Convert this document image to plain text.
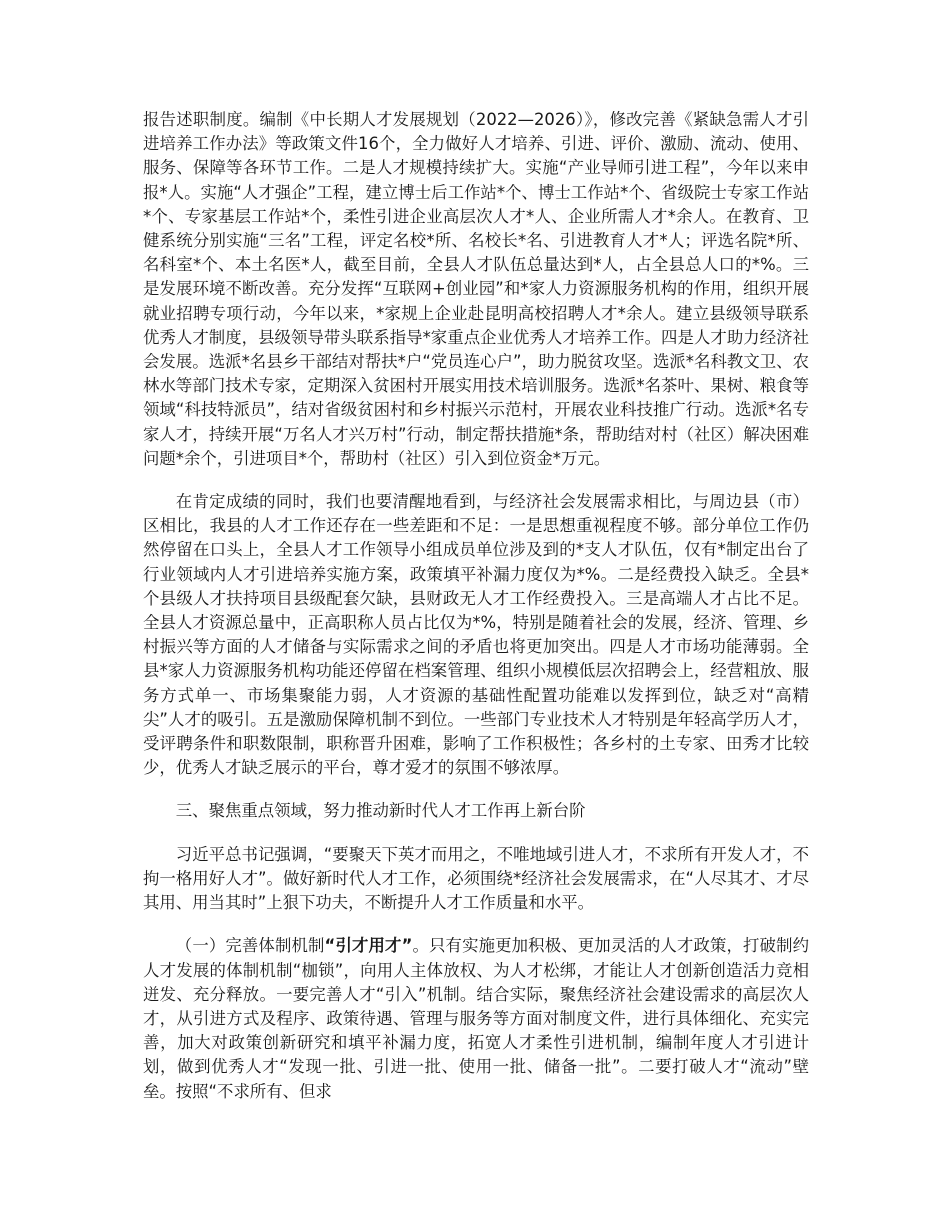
报告述职制度。编制《中长期人才发展规划（2022—2026）》，修改完善《紧缺急需人才引进培养工作办法》等政策文件16个，全力做好人才培养、引进、评价、激励、流动、使用、服务、保障等各环节工作。二是人才规模持续扩大。实施“产业导师引进工程”，今年以来申报*人。实施“人才强企”工程，建立博士后工作站*个、博士工作站*个、省级院士专家工作站*个、专家基层工作站*个，柔性引进企业高层次人才*人、企业所需人才*余人。在教育、卫健系统分别实施“三名”工程，评定名校*所、名校长*名、引进教育人才*人；评选名院*所、名科室*个、本土名医*人，截至目前，全县人才队伍总量达到*人，占全县总人口的*%。三是发展环境不断改善。充分发挥“互联网+创业园”和*家人力资源服务机构的作用，组织开展就业招聘专项行动，今年以来，*家规上企业赴昆明高校招聘人才*余人。建立县级领导联系优秀人才制度，县级领导带头联系指导*家重点企业优秀人才培养工作。四是人才助力经济社会发展。选派*名县乡干部结对帮扶*户“党员连心户”，助力脱贫攻坚。选派*名科教文卫、农林水等部门技术专家，定期深入贫困村开展实用技术培训服务。选派*名茶叶、果树、粮食等领域“科技特派员”，结对省级贫困村和乡村振兴示范村，开展农业科技推广行动。选派*名专家人才，持续开展“万名人才兴万村”行动，制定帮扶措施*条，帮助结对村（社区）解决困难问题*余个，引进项目*个，帮助村（社区）引入到位资金*万元。

在肯定成绩的同时，我们也要清醒地看到，与经济社会发展需求相比，与周边县（市）区相比，我县的人才工作还存在一些差距和不足：一是思想重视程度不够。部分单位工作仍然停留在口头上，全县人才工作领导小组成员单位涉及到的*支人才队伍，仅有*制定出台了行业领域内人才引进培养实施方案，政策填平补漏力度仅为*%。二是经费投入缺乏。全县*个县级人才扶持项目县级配套欠缺，县财政无人才工作经费投入。三是高端人才占比不足。全县人才资源总量中，正高职称人员占比仅为*%，特别是随着社会的发展，经济、管理、乡村振兴等方面的人才储备与实际需求之间的矛盾也将更加突出。四是人才市场功能薄弱。全县*家人力资源服务机构功能还停留在档案管理、组织小规模低层次招聘会上，经营粗放、服务方式单一、市场集聚能力弱，人才资源的基础性配置功能难以发挥到位，缺乏对“高精尖”人才的吸引。五是激励保障机制不到位。一些部门专业技术人才特别是年轻高学历人才，受评聘条件和职数限制，职称晋升困难，影响了工作积极性；各乡村的土专家、田秀才比较少，优秀人才缺乏展示的平台，尊才爱才的氛围不够浓厚。

三、聚焦重点领域，努力推动新时代人才工作再上新台阶

习近平总书记强调，“要聚天下英才而用之，不唯地域引进人才，不求所有开发人才，不拘一格用好人才”。做好新时代人才工作，必须围绕*经济社会发展需求，在“人尽其才、才尽其用、用当其时”上狠下功夫，不断提升人才工作质量和水平。

（一）完善体制机制“引才用才”。只有实施更加积极、更加灵活的人才政策，打破制约人才发展的体制机制“枷锁”，向用人主体放权、为人才松绑，才能让人才创新创造活力竞相迸发、充分释放。一要完善人才“引入”机制。结合实际，聚焦经济社会建设需求的高层次人才，从引进方式及程序、政策待遇、管理与服务等方面对制度文件，进行具体细化、充实完善，加大对政策创新研究和填平补漏力度，拓宽人才柔性引进机制，编制年度人才引进计划，做到优秀人才“发现一批、引进一批、使用一批、储备一批”。二要打破人才“流动”壁垒。按照“不求所有、但求
